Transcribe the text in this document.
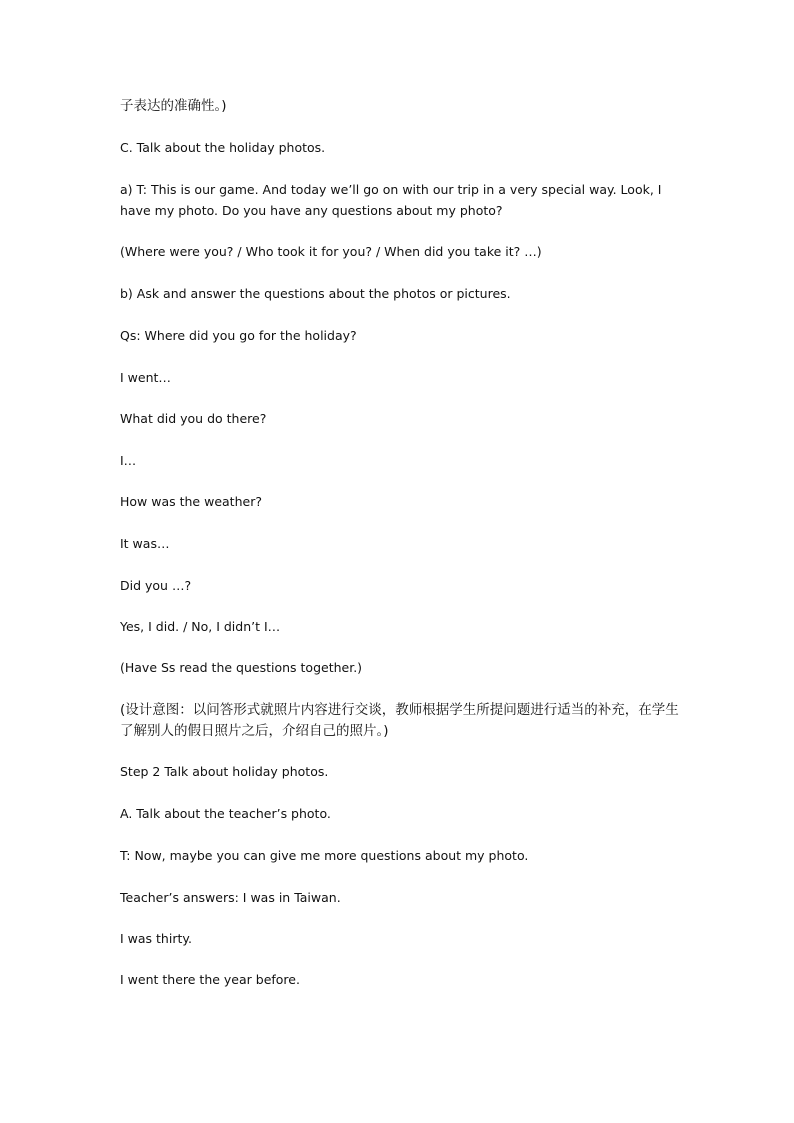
子表达的准确性。)
C. Talk about the holiday photos.
a) T: This is our game. And today we’ll go on with our trip in a very special way. Look, I have my photo. Do you have any questions about my photo?
(Where were you? / Who took it for you? / When did you take it? …)
b) Ask and answer the questions about the photos or pictures.
Qs: Where did you go for the holiday?
I went…
What did you do there?
I…
How was the weather?
It was…
Did you …?
Yes, I did. / No, I didn’t I…
(Have Ss read the questions together.)
(设计意图：以问答形式就照片内容进行交谈，教师根据学生所提问题进行适当的补充，在学生了解别人的假日照片之后，介绍自己的照片。)
Step 2 Talk about holiday photos.
A. Talk about the teacher’s photo.
T: Now, maybe you can give me more questions about my photo.
Teacher’s answers: I was in Taiwan.
I was thirty.
I went there the year before.
